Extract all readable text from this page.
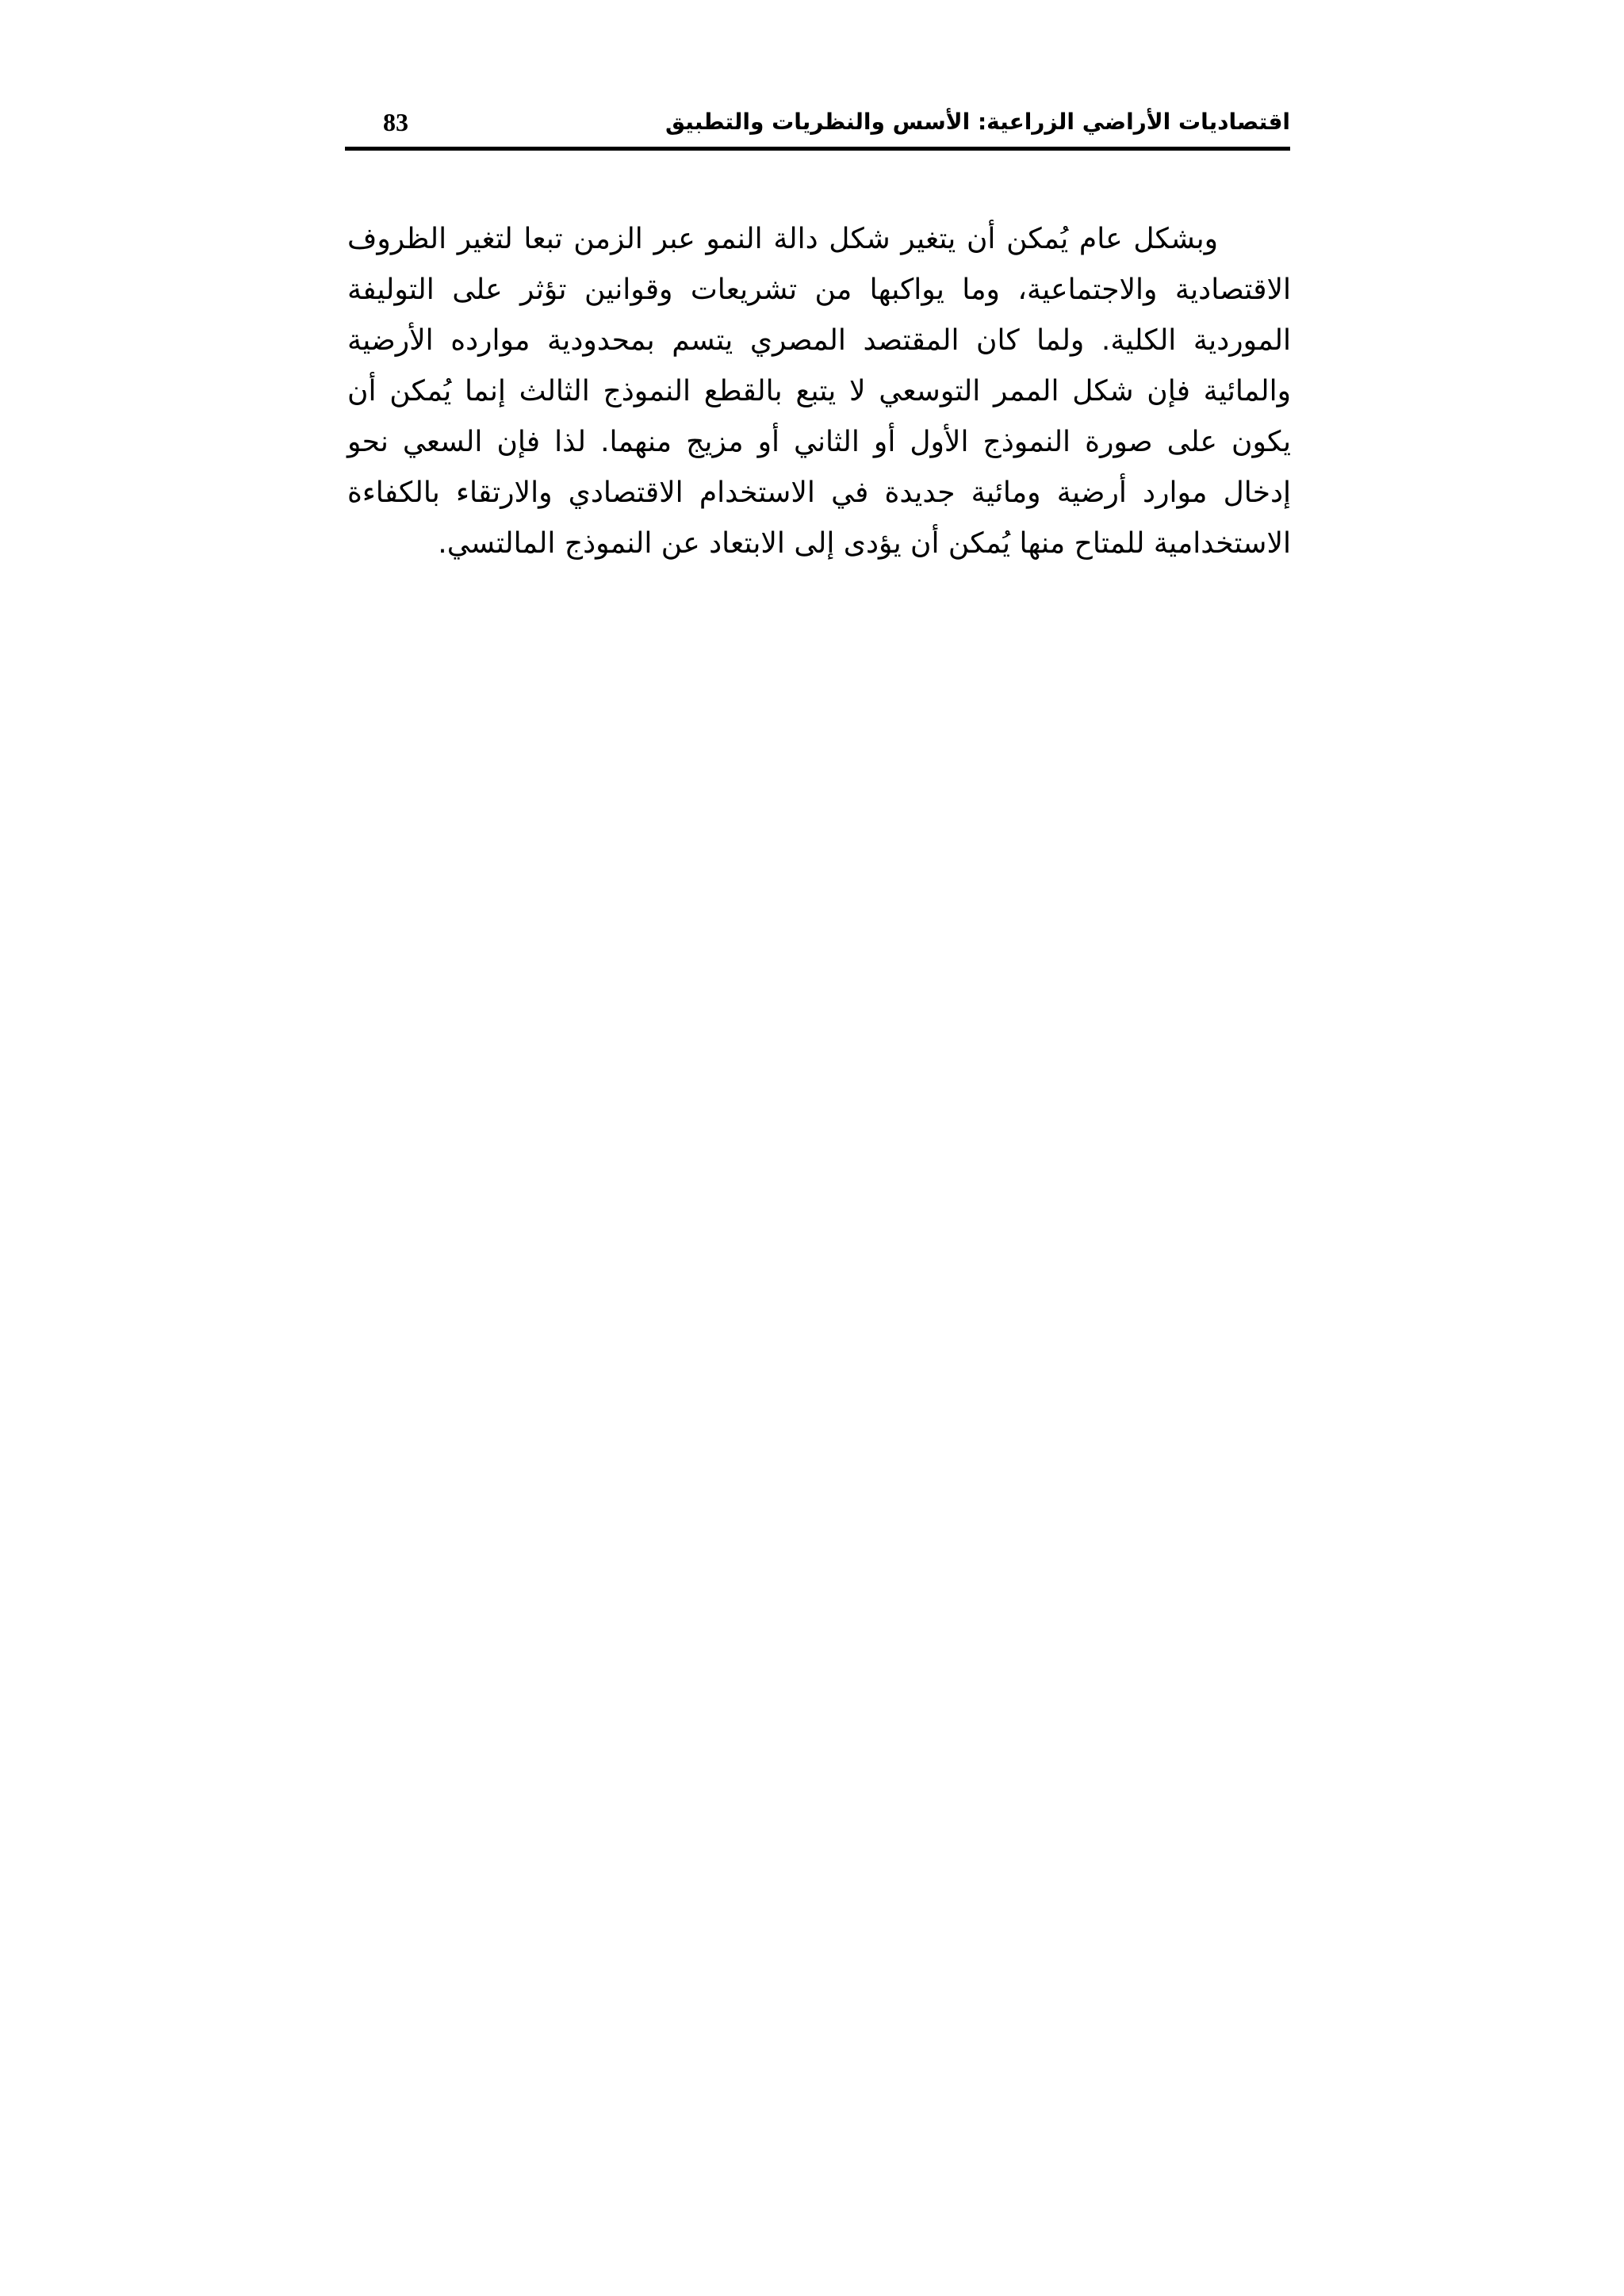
اقتصاديات الأراضي الزراعية: الأسس والنظريات والتطبيق
83

وبشكل عام يُمكن أن يتغير شكل دالة النمو عبر الزمن تبعا لتغير الظروف الاقتصادية والاجتماعية، وما يواكبها من تشريعات وقوانين تؤثر على التوليفة الموردية الكلية. ولما كان المقتصد المصري يتسم بمحدودية موارده الأرضية والمائية فإن شكل الممر التوسعي لا يتبع بالقطع النموذج الثالث إنما يُمكن أن يكون على صورة النموذج الأول أو الثاني أو مزيج منهما. لذا فإن السعي نحو إدخال موارد أرضية ومائية جديدة في الاستخدام الاقتصادي والارتقاء بالكفاءة الاستخدامية للمتاح منها يُمكن أن يؤدى إلى الابتعاد عن النموذج المالتسي.
